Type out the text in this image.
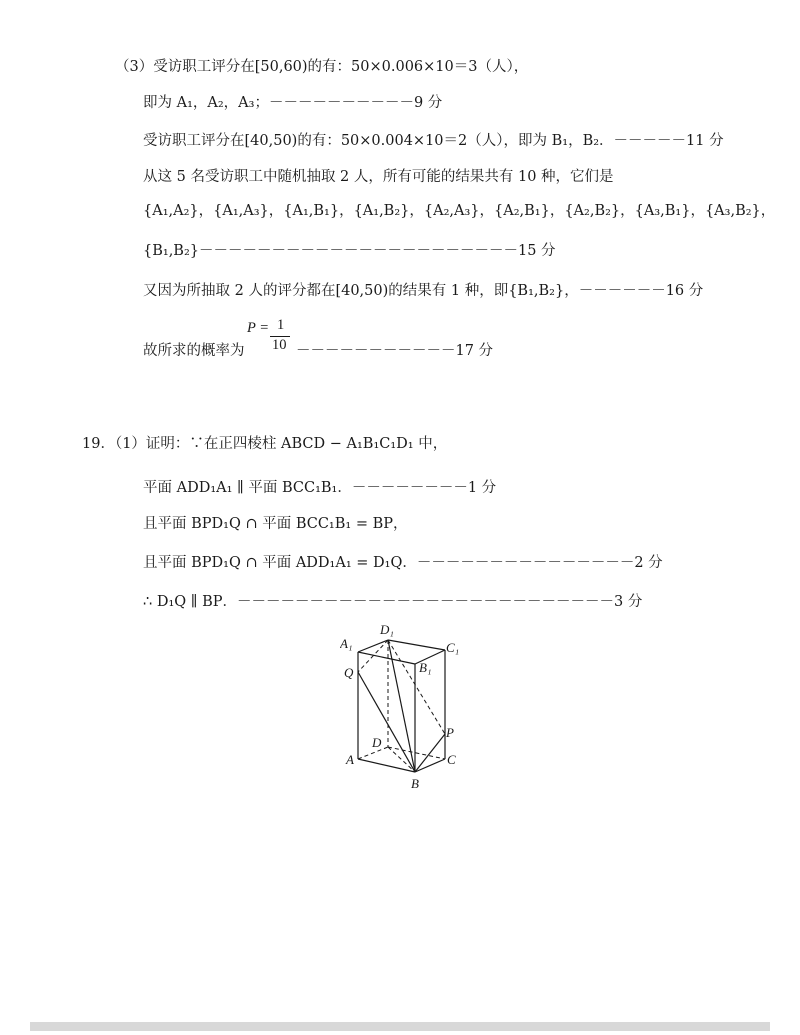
（3）受访职工评分在[50,60)的有：50×0.006×10＝3（人），
即为 A₁，A₂，A₃；－－－－－－－－－－9 分
受访职工评分在[40,50)的有：50×0.004×10＝2（人），即为 B₁，B₂．－－－－－11 分
从这 5 名受访职工中随机抽取 2 人，所有可能的结果共有 10 种，它们是
{A₁,A₂}，{A₁,A₃}，{A₁,B₁}，{A₁,B₂}，{A₂,A₃}，{A₂,B₁}，{A₂,B₂}，{A₃,B₁}，{A₃,B₂}，
{B₁,B₂}－－－－－－－－－－－－－－－－－－－－－－15 分
又因为所抽取 2 人的评分都在[40,50)的结果有 1 种，即{B₁,B₂}，－－－－－－16 分
故所求的概率为
P = 1
10 －－－－－－－－－－－17 分
19．（1）证明：∵在正四棱柱 ABCD − A₁B₁C₁D₁ 中，
平面 ADD₁A₁ ∥ 平面 BCC₁B₁．－－－－－－－－1 分
且平面 BPD₁Q ∩ 平面 BCC₁B₁ = BP，
且平面 BPD₁Q ∩ 平面 ADD₁A₁ = D₁Q．－－－－－－－－－－－－－－－2 分
∴ D₁Q ∥ BP．－－－－－－－－－－－－－－－－－－－－－－－－－－3 分
A₁
D₁
C₁
B₁
Q
P
D
A	C
B
